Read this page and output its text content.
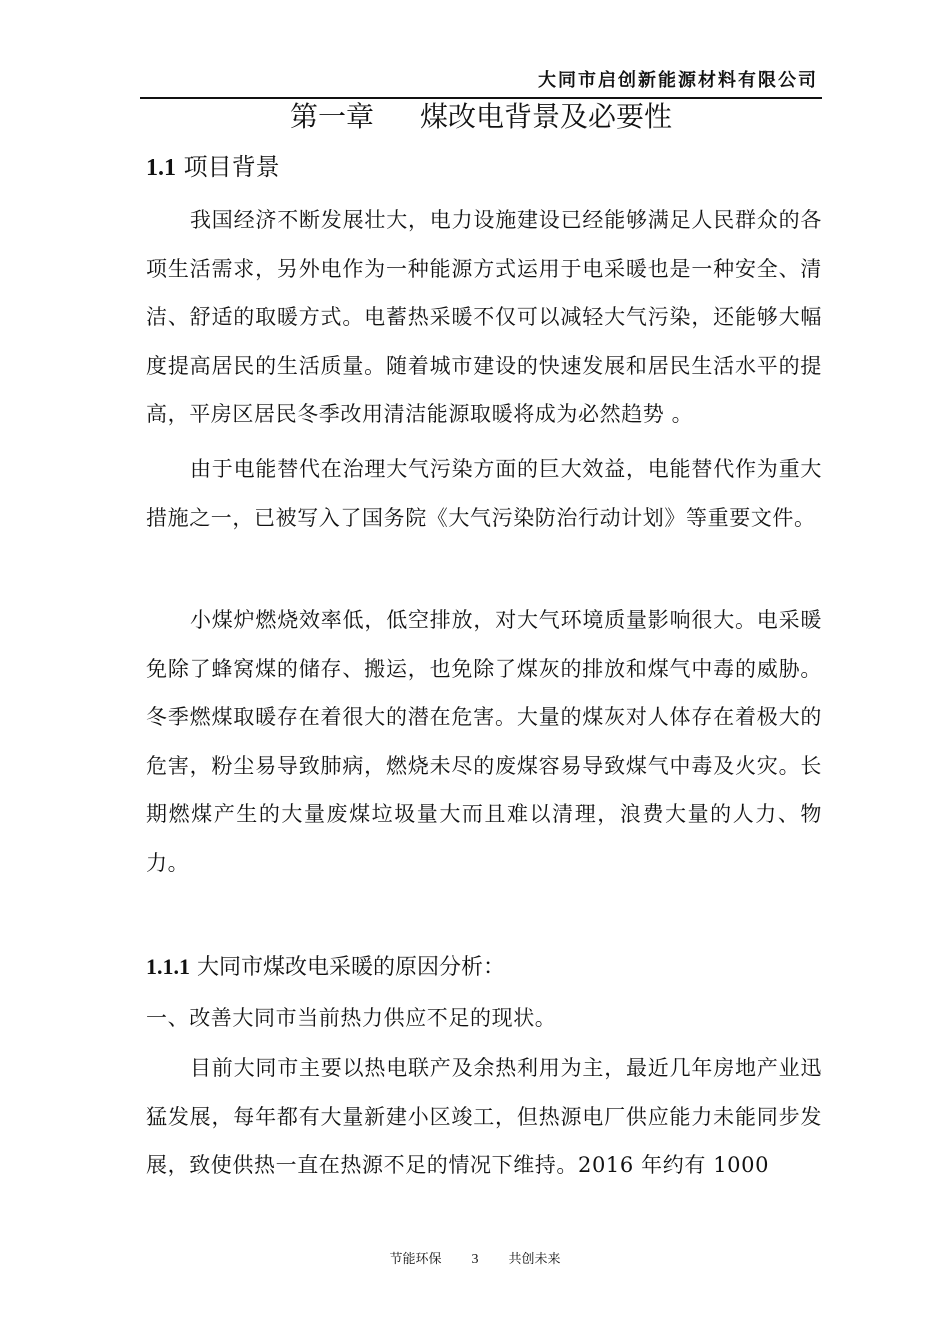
大同市启创新能源材料有限公司
第一章 煤改电背景及必要性
1.1 项目背景

我国经济不断发展壮大，电力设施建设已经能够满足人民群众的各项生活需求，另外电作为一种能源方式运用于电采暖也是一种安全、清洁、舒适的取暖方式。电蓄热采暖不仅可以减轻大气污染，还能够大幅度提高居民的生活质量。随着城市建设的快速发展和居民生活水平的提高，平房区居民冬季改用清洁能源取暖将成为必然趋势 。

由于电能替代在治理大气污染方面的巨大效益，电能替代作为重大措施之一，已被写入了国务院《大气污染防治行动计划》等重要文件。

小煤炉燃烧效率低，低空排放，对大气环境质量影响很大。电采暖免除了蜂窝煤的储存、搬运，也免除了煤灰的排放和煤气中毒的威胁。冬季燃煤取暖存在着很大的潜在危害。大量的煤灰对人体存在着极大的危害，粉尘易导致肺病，燃烧未尽的废煤容易导致煤气中毒及火灾。长期燃煤产生的大量废煤垃圾量大而且难以清理，浪费大量的人力、物力。

1.1.1 大同市煤改电采暖的原因分析：

一、改善大同市当前热力供应不足的现状。

目前大同市主要以热电联产及余热利用为主，最近几年房地产业迅猛发展，每年都有大量新建小区竣工，但热源电厂供应能力未能同步发展，致使供热一直在热源不足的情况下维持。2016 年约有 1000

节能环保 3 共创未来
